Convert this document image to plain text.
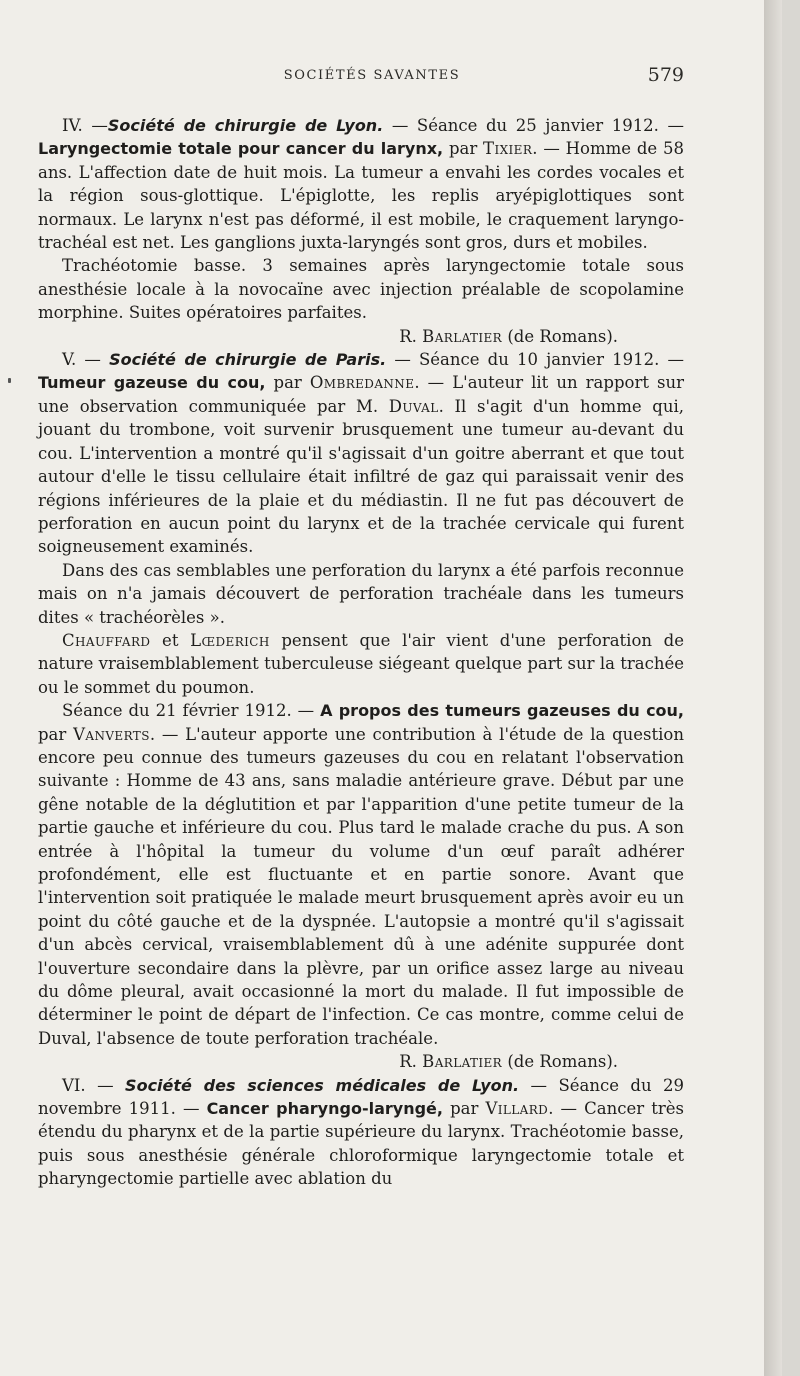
SOCIÉTÉS SAVANTES	579

IV. —Société de chirurgie de Lyon. — Séance du 25 janvier 1912. — Laryngectomie totale pour cancer du larynx, par Tixier. — Homme de 58 ans. L'affection date de huit mois. La tumeur a envahi les cordes vocales et la région sous-glottique. L'épiglotte, les replis aryépiglottiques sont normaux. Le larynx n'est pas déformé, il est mobile, le craquement laryngo-trachéal est net. Les ganglions juxta-laryngés sont gros, durs et mobiles.

Trachéotomie basse. 3 semaines après laryngectomie totale sous anesthésie locale à la novocaïne avec injection préalable de scopolamine morphine. Suites opératoires parfaites.

R. Barlatier (de Romans).

V. — Société de chirurgie de Paris. — Séance du 10 janvier 1912. — Tumeur gazeuse du cou, par Ombredanne. — L'auteur lit un rapport sur une observation communiquée par M. Duval. Il s'agit d'un homme qui, jouant du trombone, voit survenir brusquement une tumeur au-devant du cou. L'intervention a montré qu'il s'agissait d'un goitre aberrant et que tout autour d'elle le tissu cellulaire était infiltré de gaz qui paraissait venir des régions inférieures de la plaie et du médiastin. Il ne fut pas découvert de perforation en aucun point du larynx et de la trachée cervicale qui furent soigneusement examinés.

Dans des cas semblables une perforation du larynx a été parfois reconnue mais on n'a jamais découvert de perforation trachéale dans les tumeurs dites « trachéorèles ».

Chauffard et Lœderich pensent que l'air vient d'une perforation de nature vraisemblablement tuberculeuse siégeant quelque part sur la trachée ou le sommet du poumon.

Séance du 21 février 1912. — A propos des tumeurs gazeuses du cou, par Vanverts. — L'auteur apporte une contribution à l'étude de la question encore peu connue des tumeurs gazeuses du cou en relatant l'observation suivante : Homme de 43 ans, sans maladie antérieure grave. Début par une gêne notable de la déglutition et par l'apparition d'une petite tumeur de la partie gauche et inférieure du cou. Plus tard le malade crache du pus. A son entrée à l'hôpital la tumeur du volume d'un œuf paraît adhérer profondément, elle est fluctuante et en partie sonore. Avant que l'intervention soit pratiquée le malade meurt brusquement après avoir eu un point du côté gauche et de la dyspnée. L'autopsie a montré qu'il s'agissait d'un abcès cervical, vraisemblablement dû à une adénite suppurée dont l'ouverture secondaire dans la plèvre, par un orifice assez large au niveau du dôme pleural, avait occasionné la mort du malade. Il fut impossible de déterminer le point de départ de l'infection. Ce cas montre, comme celui de Duval, l'absence de toute perforation trachéale.

R. Barlatier (de Romans).

VI. — Société des sciences médicales de Lyon. — Séance du 29 novembre 1911. — Cancer pharyngo-laryngé, par Villard. — Cancer très étendu du pharynx et de la partie supérieure du larynx. Trachéotomie basse, puis sous anesthésie générale chloroformique laryngectomie totale et pharyngectomie partielle avec ablation du
